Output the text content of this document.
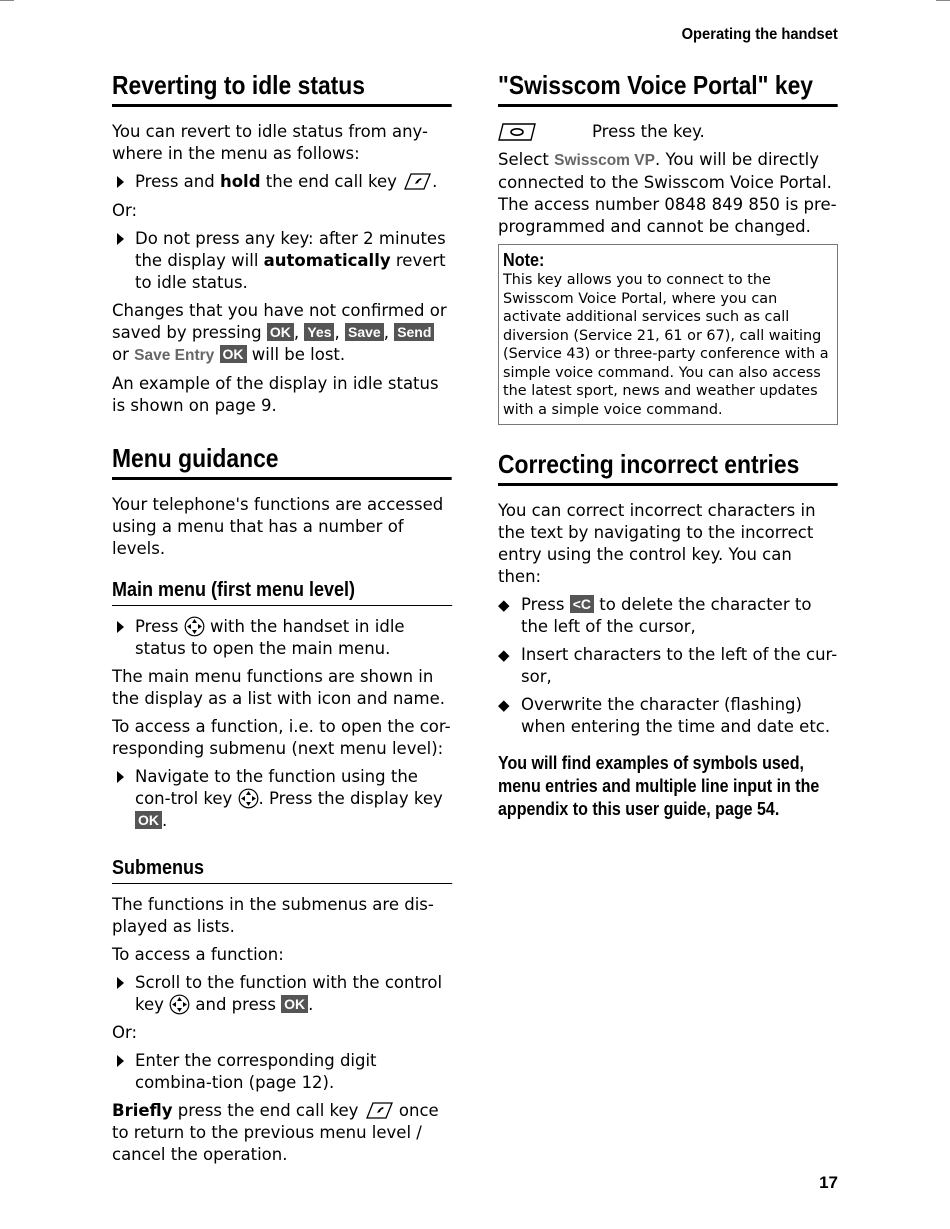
Operating the handset
Reverting to idle status

You can revert to idle status from any-where in the menu as follows:

Press and hold the end call key .

Or:

Do not press any key: after 2 minutes the display will automatically revert to idle status.

Changes that you have not confirmed or saved by pressing OK , Yes , Save , Send or Save Entry OK will be lost.

An example of the display in idle status is shown on page 9.

Menu guidance

Your telephone's functions are accessed using a menu that has a number of levels.

Main menu (first menu level)
Press with the handset in idle status to open the main menu.

The main menu functions are shown in the display as a list with icon and name.

To access a function, i.e. to open the cor-responding submenu (next menu level):

Navigate to the function using the con-trol key . Press the display key OK .
Submenus

The functions in the submenus are dis-played as lists.

To access a function:

Scroll to the function with the control key and press OK .

Or:

Enter the corresponding digit combina-tion (page 12).

Briefly press the end call key  once to return to the previous menu level / cancel the operation.

"Swisscom Voice Portal" key
Press the key.

Select Swisscom VP. You will be directly connected to the Swisscom Voice Portal. The access number 0848 849 850 is pre-programmed and cannot be changed.

Note:
This key allows you to connect to the Swisscom Voice Portal, where you can activate additional services such as call diversion (Service 21, 61 or 67), call waiting (Service 43) or three-party conference with a simple voice command. You can also access the latest sport, news and weather updates with a simple voice command.
Correcting incorrect entries

You can correct incorrect characters in the text by navigating to the incorrect entry using the control key. You can then:

◆ Press <C to delete the character to the left of the cursor,
◆ Insert characters to the left of the cur-sor,
◆ Overwrite the character (flashing) when entering the time and date etc.
You will find examples of symbols used, menu entries and multiple line input in the appendix to this user guide, page 54.
17
